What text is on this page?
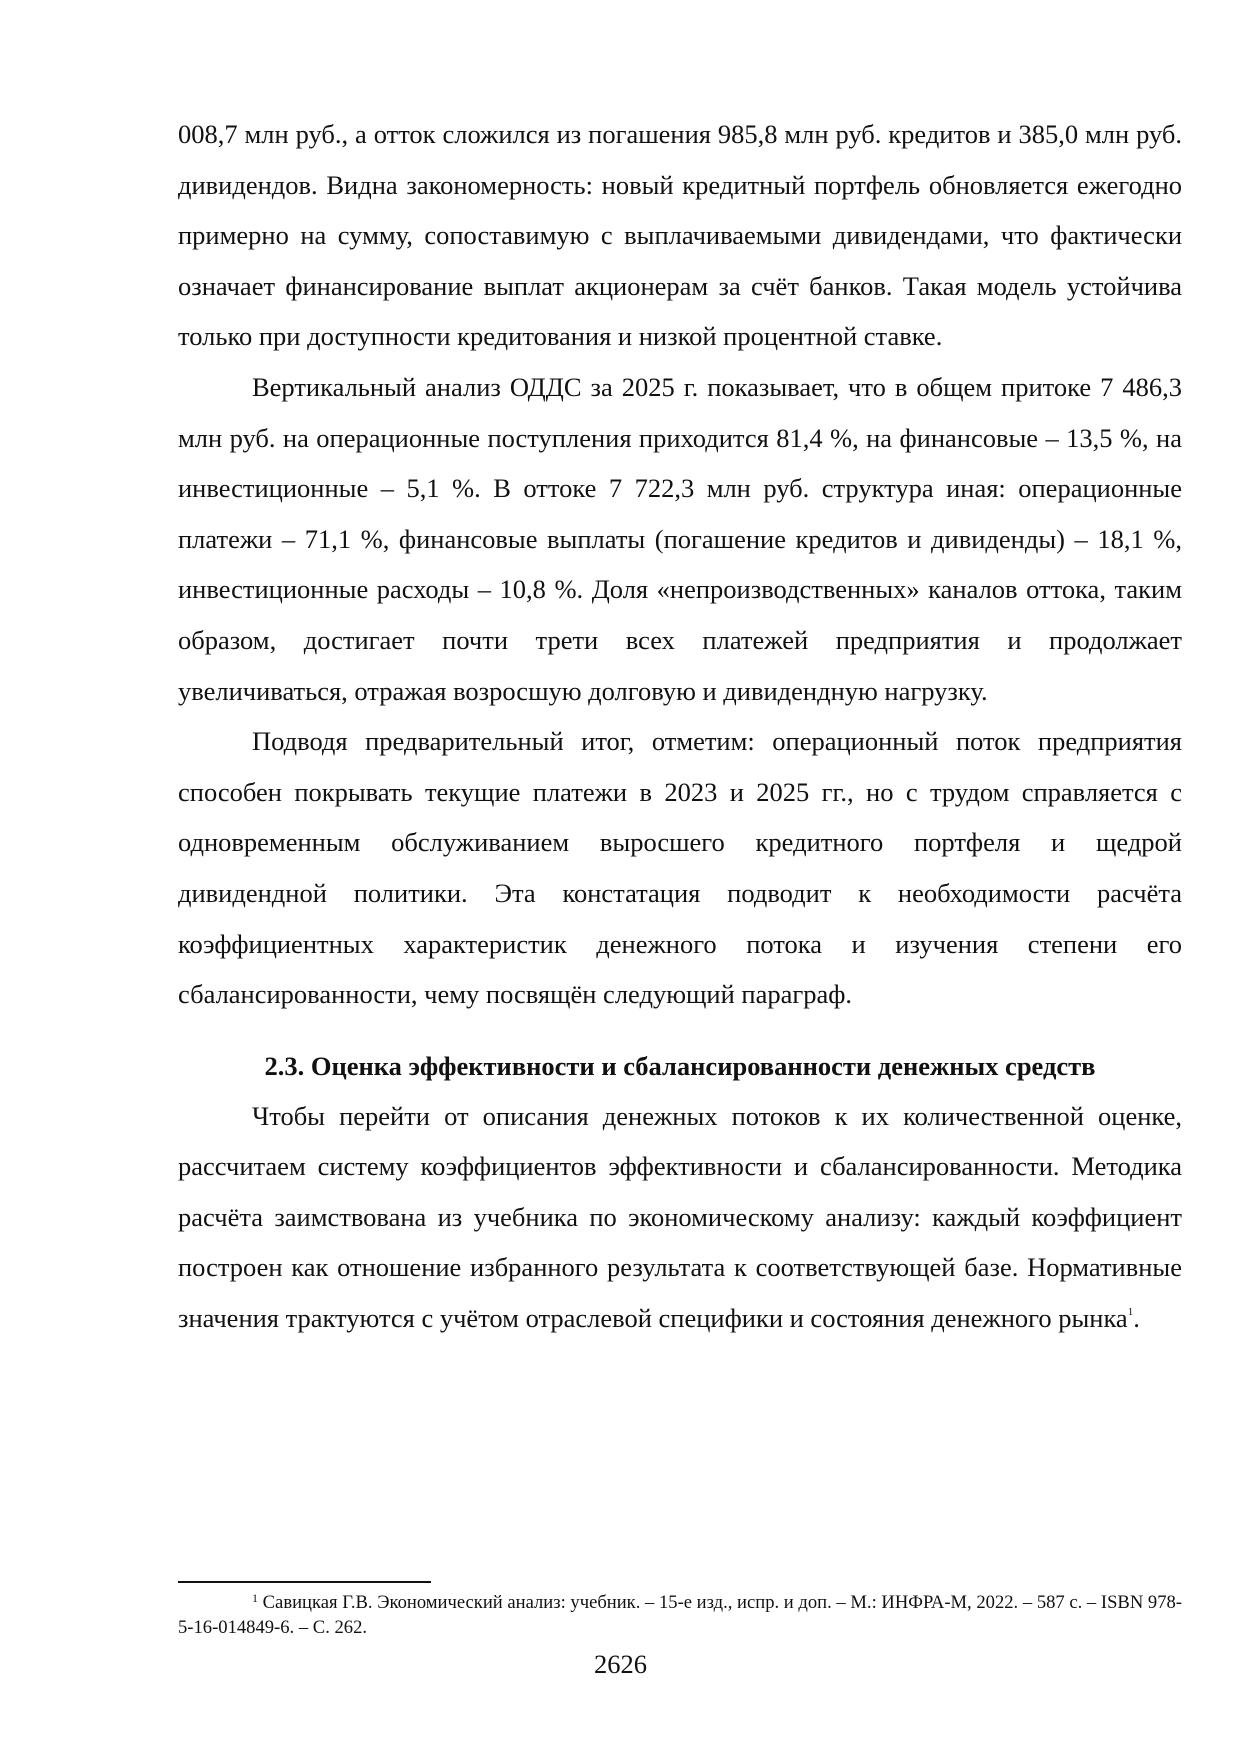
008,7 млн руб., а отток сложился из погашения 985,8 млн руб. кредитов и 385,0 млн руб. дивидендов. Видна закономерность: новый кредитный портфель обновляется ежегодно примерно на сумму, сопоставимую с выплачиваемыми дивидендами, что фактически означает финансирование выплат акционерам за счёт банков. Такая модель устойчива только при доступности кредитования и низкой процентной ставке.

Вертикальный анализ ОДДС за 2025 г. показывает, что в общем притоке 7 486,3 млн руб. на операционные поступления приходится 81,4 %, на финансовые – 13,5 %, на инвестиционные – 5,1 %. В оттоке 7 722,3 млн руб. структура иная: операционные платежи – 71,1 %, финансовые выплаты (погашение кредитов и дивиденды) – 18,1 %, инвестиционные расходы – 10,8 %. Доля «непроизводственных» каналов оттока, таким образом, достигает почти трети всех платежей предприятия и продолжает увеличиваться, отражая возросшую долговую и дивидендную нагрузку.

Подводя предварительный итог, отметим: операционный поток предприятия способен покрывать текущие платежи в 2023 и 2025 гг., но с трудом справляется с одновременным обслуживанием выросшего кредитного портфеля и щедрой дивидендной политики. Эта констатация подводит к необходимости расчёта коэффициентных характеристик денежного потока и изучения степени его сбалансированности, чему посвящён следующий параграф.

2.3. Оценка эффективности и сбалансированности денежных средств

Чтобы перейти от описания денежных потоков к их количественной оценке, рассчитаем систему коэффициентов эффективности и сбалансированности. Методика расчёта заимствована из учебника по экономическому анализу: каждый коэффициент построен как отношение избранного результата к соответствующей базе. Нормативные значения трактуются с учётом отраслевой специфики и состояния денежного рынка$^1$.

$^1$ Савицкая Г.В. Экономический анализ: учебник. – 15-е изд., испр. и доп. – М.: ИНФРА-М, 2022. – 587 с. – ISBN 978-5-16-014849-6. – С. 262.
2626
